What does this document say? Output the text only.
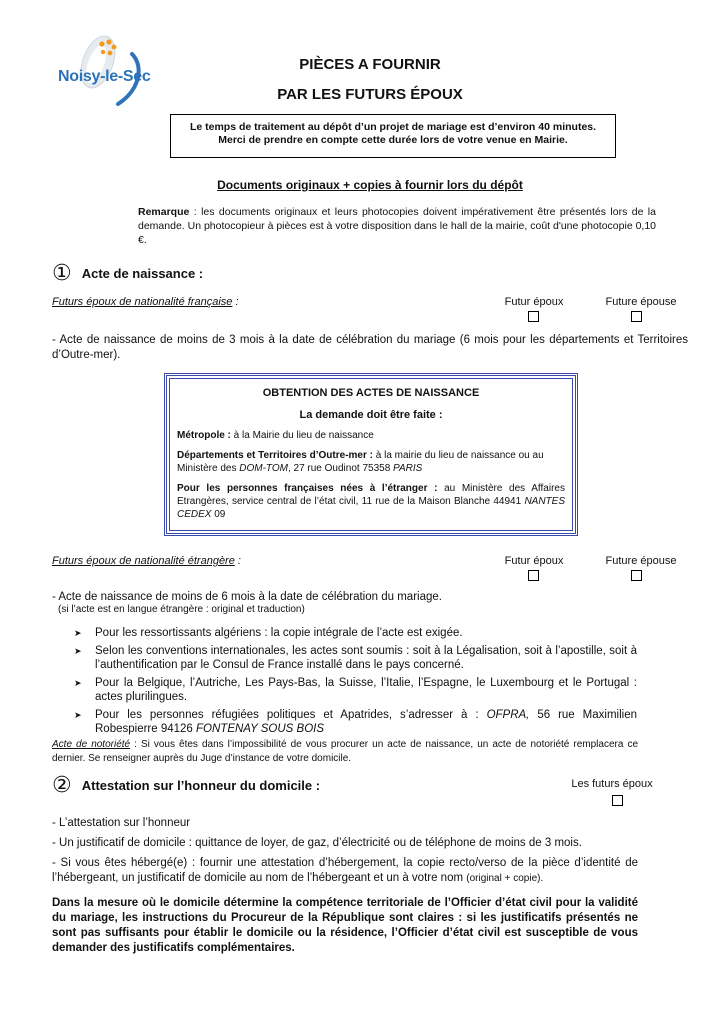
Noisy-le-Sec
PIÈCES A FOURNIR
PAR LES FUTURS ÉPOUX
Le temps de traitement au dépôt d’un projet de mariage est d’environ 40 minutes.
Merci de prendre en compte cette durée lors de votre venue en Mairie.
Documents originaux + copies à fournir lors du dépôt
Remarque : les documents originaux et leurs photocopies doivent impérativement être présentés lors de la demande. Un photocopieur à pièces est à votre disposition dans le hall de la mairie, coût d'une photocopie 0,10 €.
① Acte de naissance :
Futurs époux de nationalité française :	Futur époux	Future épouse
- Acte de naissance de moins de 3 mois à la date de célébration du mariage (6 mois pour les départements et Territoires d’Outre-mer).
OBTENTION DES ACTES DE NAISSANCE
La demande doit être faite :
Métropole : à la Mairie du lieu de naissance
Départements et Territoires d’Outre-mer : à la mairie du lieu de naissance ou au Ministère des DOM-TOM, 27 rue Oudinot 75358 PARIS
Pour les personnes françaises nées à l’étranger : au Ministère des Affaires Etrangères, service central de l’état civil, 11 rue de la Maison Blanche 44941 NANTES CEDEX 09
Futurs époux de nationalité étrangère :	Futur époux	Future épouse
- Acte de naissance de moins de 6 mois à la date de célébration du mariage.
(si l’acte est en langue étrangère : original et traduction)
➤	Pour les ressortissants algériens : la copie intégrale de l’acte est exigée.
➤	Selon les conventions internationales, les actes sont soumis : soit à la Légalisation, soit à l’apostille, soit à l’authentification par le Consul de France installé dans le pays concerné.
➤	Pour la Belgique, l’Autriche, Les Pays-Bas, la Suisse, l’Italie, l’Espagne, le Luxembourg et le Portugal : actes plurilingues.
➤	Pour les personnes réfugiées politiques et Apatrides, s’adresser à : OFPRA, 56 rue Maximilien Robespierre 94126 FONTENAY SOUS BOIS
Acte de notoriété : Si vous êtes dans l’impossibilité de vous procurer un acte de naissance, un acte de notoriété remplacera ce dernier. Se renseigner auprès du Juge d’instance de votre domicile.
② Attestation sur l’honneur du domicile :	Les futurs époux
- L’attestation sur l’honneur
- Un justificatif de domicile : quittance de loyer, de gaz, d’électricité ou de téléphone de moins de 3 mois.
- Si vous êtes hébergé(e) : fournir une attestation d’hébergement, la copie recto/verso de la pièce d’identité de l’hébergeant, un justificatif de domicile au nom de l’hébergeant et un à votre nom (original + copie).
Dans la mesure où le domicile détermine la compétence territoriale de l’Officier d’état civil pour la validité du mariage, les instructions du Procureur de la République sont claires : si les justificatifs présentés ne sont pas suffisants pour établir le domicile ou la résidence, l’Officier d’état civil est susceptible de vous demander des justificatifs complémentaires.
